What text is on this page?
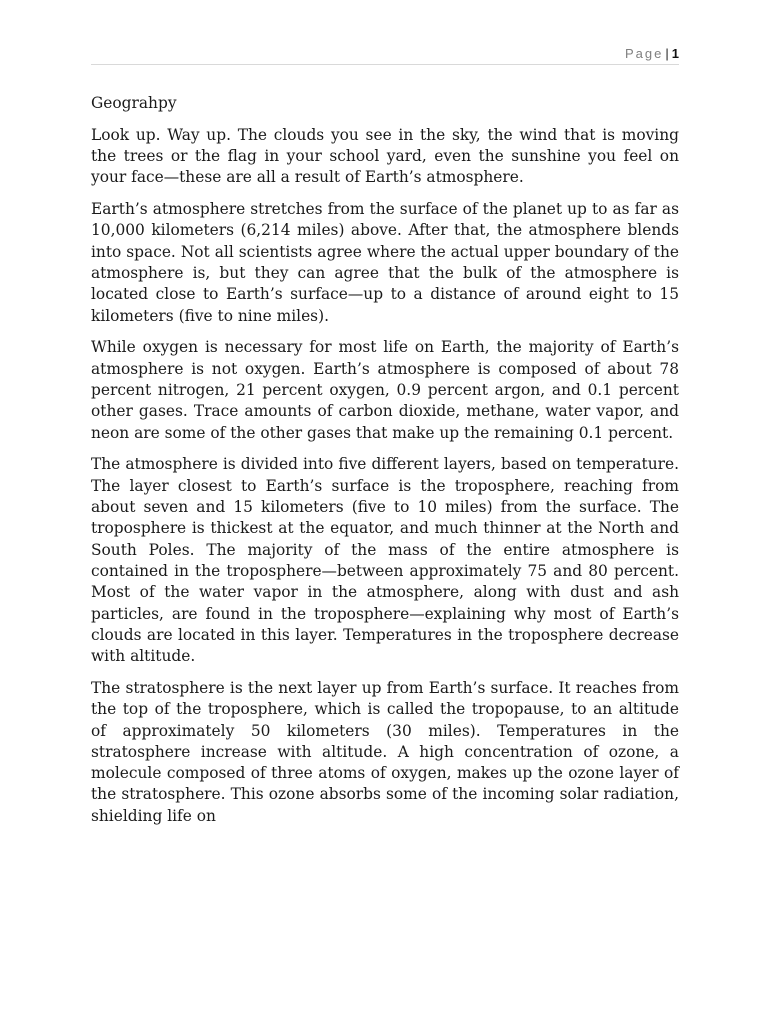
Page | 1

Geograhpy

Look up. Way up. The clouds you see in the sky, the wind that is moving the trees or the flag in your school yard, even the sunshine you feel on your face—these are all a result of Earth’s atmosphere.

Earth’s atmosphere stretches from the surface of the planet up to as far as 10,000 kilometers (6,214 miles) above. After that, the atmosphere blends into space. Not all scientists agree where the actual upper boundary of the atmosphere is, but they can agree that the bulk of the atmosphere is located close to Earth’s surface—up to a distance of around eight to 15 kilometers (five to nine miles).

While oxygen is necessary for most life on Earth, the majority of Earth’s atmosphere is not oxygen. Earth’s atmosphere is composed of about 78 percent nitrogen, 21 percent oxygen, 0.9 percent argon, and 0.1 percent other gases. Trace amounts of carbon dioxide, methane, water vapor, and neon are some of the other gases that make up the remaining 0.1 percent.

The atmosphere is divided into five different layers, based on temperature. The layer closest to Earth’s surface is the troposphere, reaching from about seven and 15 kilometers (five to 10 miles) from the surface. The troposphere is thickest at the equator, and much thinner at the North and South Poles. The majority of the mass of the entire atmosphere is contained in the troposphere—between approximately 75 and 80 percent. Most of the water vapor in the atmosphere, along with dust and ash particles, are found in the troposphere—explaining why most of Earth’s clouds are located in this layer. Temperatures in the troposphere decrease with altitude.

The stratosphere is the next layer up from Earth’s surface. It reaches from the top of the troposphere, which is called the tropopause, to an altitude of approximately 50 kilometers (30 miles). Temperatures in the stratosphere increase with altitude. A high concentration of ozone, a molecule composed of three atoms of oxygen, makes up the ozone layer of the stratosphere. This ozone absorbs some of the incoming solar radiation, shielding life on
